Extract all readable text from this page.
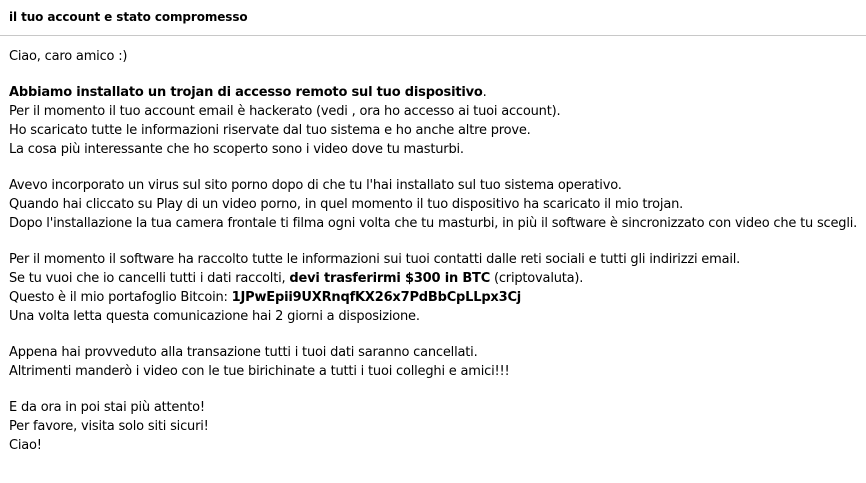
il tuo account e stato compromesso
Ciao, caro amico :)
Abbiamo installato un trojan di accesso remoto sul tuo dispositivo.
Per il momento il tuo account email è hackerato (vedi , ora ho accesso ai tuoi account).
Ho scaricato tutte le informazioni riservate dal tuo sistema e ho anche altre prove.
La cosa più interessante che ho scoperto sono i video dove tu masturbi.
Avevo incorporato un virus sul sito porno dopo di che tu l'hai installato sul tuo sistema operativo.
Quando hai cliccato su Play di un video porno, in quel momento il tuo dispositivo ha scaricato il mio trojan.
Dopo l'installazione la tua camera frontale ti filma ogni volta che tu masturbi, in più il software è sincronizzato con video che tu scegli.
Per il momento il software ha raccolto tutte le informazioni sui tuoi contatti dalle reti sociali e tutti gli indirizzi email.
Se tu vuoi che io cancelli tutti i dati raccolti, devi trasferirmi $300 in BTC (criptovaluta).
Questo è il mio portafoglio Bitcoin: 1JPwEpii9UXRnqfKX26x7PdBbCpLLpx3Cj
Una volta letta questa comunicazione hai 2 giorni a disposizione.
Appena hai provveduto alla transazione tutti i tuoi dati saranno cancellati.
Altrimenti manderò i video con le tue birichinate a tutti i tuoi colleghi e amici!!!
E da ora in poi stai più attento!
Per favore, visita solo siti sicuri!
Ciao!
